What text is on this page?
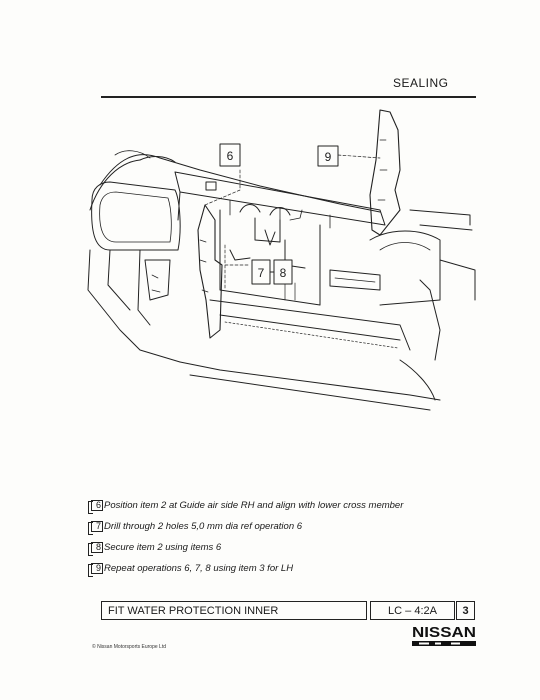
SEALING
6	9
7 8
6 Position item 2 at Guide air side RH and align with lower cross member
7 Drill through 2 holes 5,0 mm dia ref operation 6
8 Secure item 2 using items 6
9 Repeat operations 6, 7, 8 using item 3 for LH
FIT WATER PROTECTION INNER	LC – 4:2A	3
NISSAN
© Nissan Motorsports Europe Ltd
